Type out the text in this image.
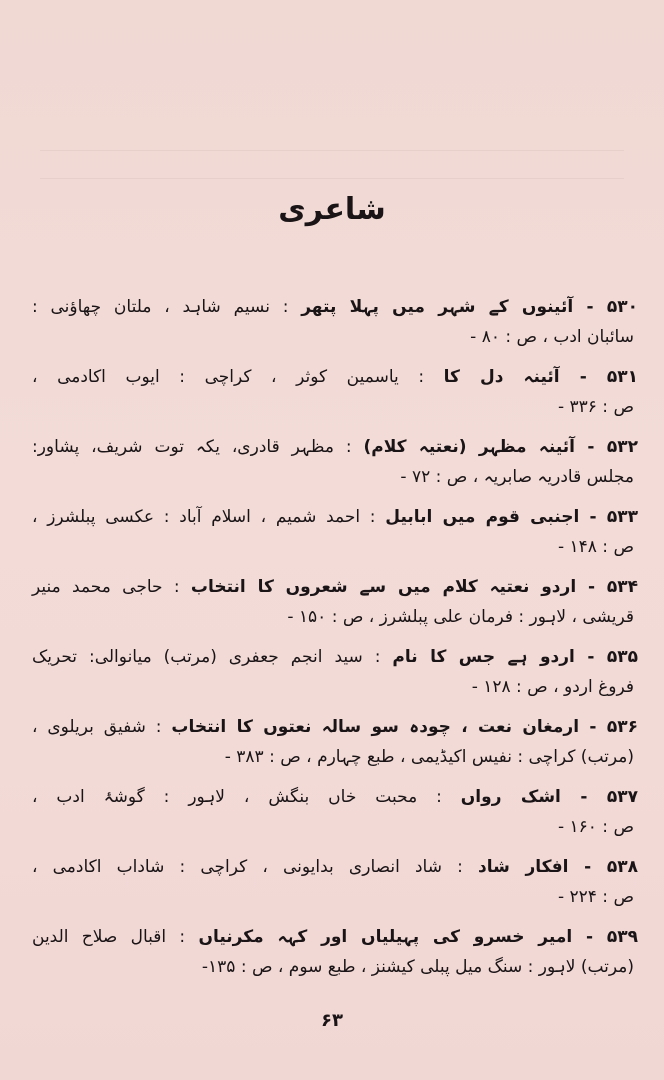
شاعری
۵۳۰ - آئینوں کے شہر میں پہلا پتھر : نسیم شاہد ، ملتان چھاؤنی :
سائبان ادب ، ص : ۸۰ -
۵۳۱ - آئینہ دل کا : یاسمین کوثر ، کراچی : ایوب اکادمی ،
ص : ۳۳۶ -
۵۳۲ - آئینہ مظہر (نعتیہ کلام) : مظہر قادری، یکہ توت شریف، پشاور:
مجلس قادریہ صابریہ ، ص : ۷۲ -
۵۳۳ - اجنبی قوم میں ابابیل : احمد شمیم ، اسلام آباد : عکسی پبلشرز ،
ص : ۱۴۸ -
۵۳۴ - اردو نعتیہ کلام میں سے شعروں کا انتخاب : حاجی محمد منیر
قریشی ، لاہور : فرمان علی پبلشرز ، ص : ۱۵۰ -
۵۳۵ - اردو ہے جس کا نام : سید انجم جعفری (مرتب) میانوالی: تحریک
فروغ اردو ، ص : ۱۲۸ -
۵۳۶ - ارمغان نعت ، چودہ سو سالہ نعتوں کا انتخاب : شفیق بریلوی ،
(مرتب) کراچی : نفیس اکیڈیمی ، طبع چہارم ، ص : ۳۸۳ -
۵۳۷ - اشک رواں : محبت خاں بنگش ، لاہور : گوشۂ ادب ،
ص : ۱۶۰ -
۵۳۸ - افکار شاد : شاد انصاری بدایونی ، کراچی : شاداب اکادمی ،
ص : ۲۲۴ -
۵۳۹ - امیر خسرو کی پہیلیاں اور کہہ مکرنیاں : اقبال صلاح الدین
(مرتب) لاہور : سنگ میل پبلی کیشنز ، طبع سوم ، ص : ۱۳۵-
۶۳
